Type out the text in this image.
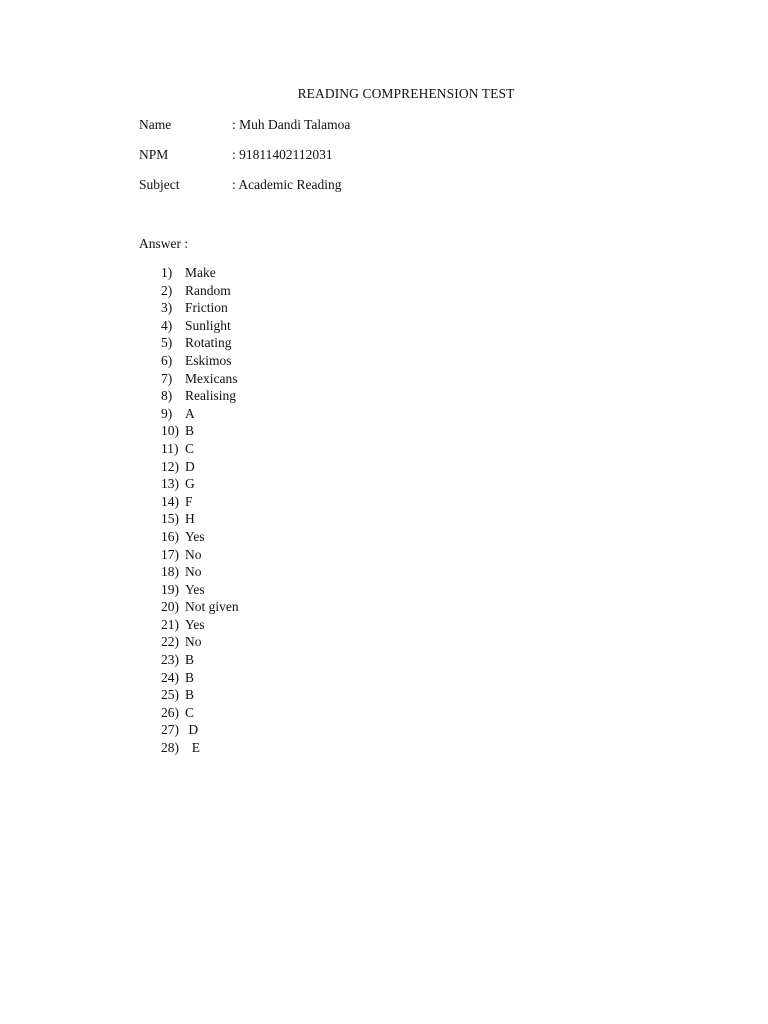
READING COMPREHENSION TEST
Name	: Muh Dandi Talamoa
NPM	: 91811402112031
Subject	: Academic Reading
Answer :
1) Make
2) Random
3) Friction
4) Sunlight
5) Rotating
6) Eskimos
7) Mexicans
8) Realising
9) A
10) B
11) C
12) D
13) G
14) F
15) H
16) Yes
17) No
18) No
19) Yes
20) Not given
21) Yes
22) No
23) B
24) B
25) B
26) C
27) D
28)  E
